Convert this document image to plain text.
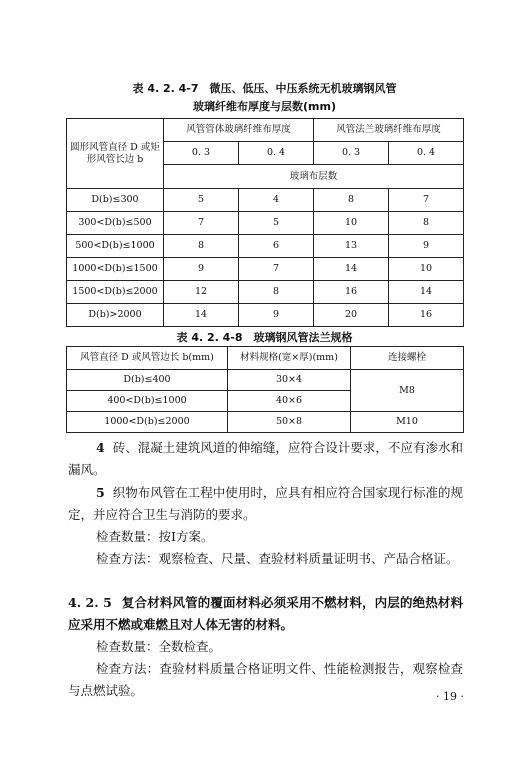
表 4. 2. 4-7　微压、低压、中压系统无机玻璃钢风管
玻璃纤维布厚度与层数(mm)
圆形风管直径 D 或矩形风管长边 b	风管管体玻璃纤维布厚度		风管法兰玻璃纤维布厚度	
	0. 3	0. 4	0. 3	0. 4
	玻璃布层数			
D(b)≤300	5	4	8	7
300<D(b)≤500	7	5	10	8
500<D(b)≤1000	8	6	13	9
1000<D(b)≤1500	9	7	14	10
1500<D(b)≤2000	12	8	16	14
D(b)>2000	14	9	20	16
表 4. 2. 4-8　玻璃钢风管法兰规格
风管直径 D 或风管边长 b(mm)	材料规格(宽×厚)(mm)	连接螺栓
D(b)≤400	30×4	M8
400<D(b)≤1000	40×6	
1000<D(b)≤2000	50×8	M10
4 砖、混凝土建筑风道的伸缩缝，应符合设计要求，不应有渗水和漏风。
5 织物布风管在工程中使用时，应具有相应符合国家现行标准的规定，并应符合卫生与消防的要求。
检查数量：按Ⅰ方案。
检查方法：观察检查、尺量、查验材料质量证明书、产品合格证。
4. 2. 5 复合材料风管的覆面材料必须采用不燃材料，内层的绝热材料应采用不燃或难燃且对人体无害的材料。
检查数量：全数检查。
检查方法：查验材料质量合格证明文件、性能检测报告，观察检查与点燃试验。	· 19 ·
